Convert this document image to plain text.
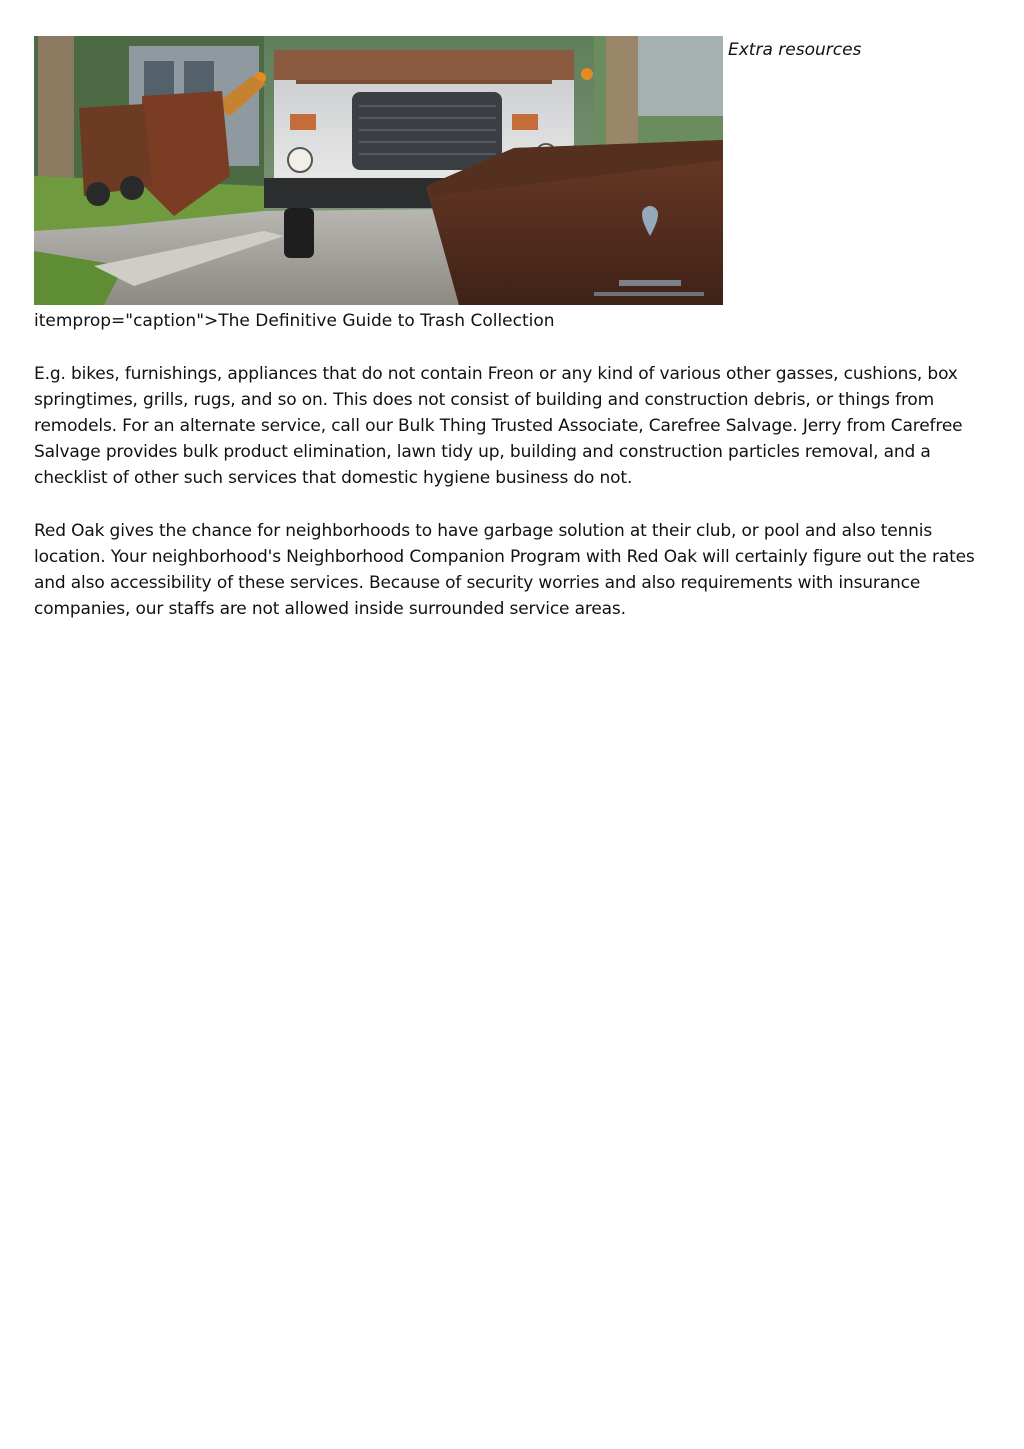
Extra resources

itemprop="caption">The Definitive Guide to Trash Collection

E.g. bikes, furnishings, appliances that do not contain Freon or any kind of various other gasses, cushions, box springtimes, grills, rugs, and so on. This does not consist of building and construction debris, or things from remodels. For an alternate service, call our Bulk Thing Trusted Associate, Carefree Salvage. Jerry from Carefree Salvage provides bulk product elimination, lawn tidy up, building and construction particles removal, and a checklist of other such services that domestic hygiene business do not.

Red Oak gives the chance for neighborhoods to have garbage solution at their club, or pool and also tennis location. Your neighborhood's Neighborhood Companion Program with Red Oak will certainly figure out the rates and also accessibility of these services. Because of security worries and also requirements with insurance companies, our staffs are not allowed inside surrounded service areas.
